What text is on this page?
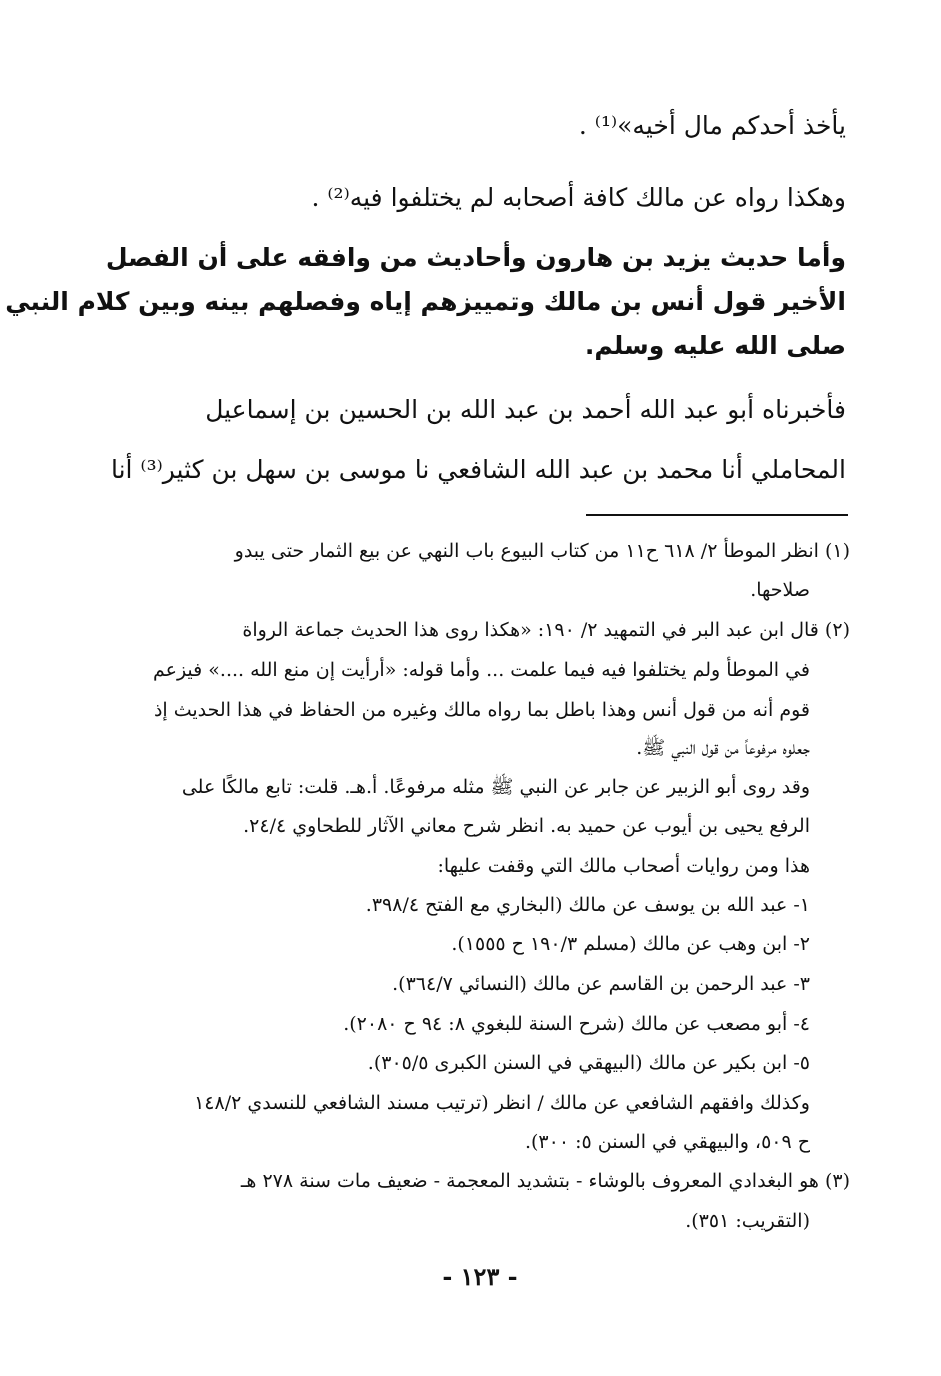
يأخذ أحدكم مال أخيه»⁽¹⁾ .
وهكذا رواه عن مالك كافة أصحابه لم يختلفوا فيه⁽²⁾ .
وأما حديث يزيد بن هارون وأحاديث من وافقه على أن الفصل
الأخير قول أنس بن مالك وتمييزهم إياه وفصلهم بينه وبين كلام النبي
صلى الله عليه وسلم.
فأخبرناه أبو عبد الله أحمد بن عبد الله بن الحسين بن إسماعيل
المحاملي أنا محمد بن عبد الله الشافعي نا موسى بن سهل بن كثير⁽³⁾ أنا
(١) انظر الموطأ ٢/ ٦١٨ ح١١ من كتاب البيوع باب النهي عن بيع الثمار حتى يبدو
صلاحها.
(٢) قال ابن عبد البر في التمهيد ٢/ ١٩٠: «هكذا روى هذا الحديث جماعة الرواة
في الموطأ ولم يختلفوا فيه فيما علمت ... وأما قوله: «أرأيت إن منع الله ....» فيزعم
قوم أنه من قول أنس وهذا باطل بما رواه مالك وغيره من الحفاظ في هذا الحديث إذ
جعلوه مرفوعاً من قول النبي ﷺ.
وقد روى أبو الزبير عن جابر عن النبي ﷺ مثله مرفوعًا. أ.هـ. قلت: تابع مالكًا على
الرفع يحيى بن أيوب عن حميد به. انظر شرح معاني الآثار للطحاوي ٢٤/٤.
هذا ومن روايات أصحاب مالك التي وقفت عليها:
١- عبد الله بن يوسف عن مالك (البخاري مع الفتح ٣٩٨/٤.
٢- ابن وهب عن مالك (مسلم ١٩٠/٣ ح ١٥٥٥).
٣- عبد الرحمن بن القاسم عن مالك (النسائي ٣٦٤/٧).
٤- أبو مصعب عن مالك (شرح السنة للبغوي ٨: ٩٤ ح ٢٠٨٠).
٥- ابن بكير عن مالك (البيهقي في السنن الكبرى ٣٠٥/٥).
وكذلك وافقهم الشافعي عن مالك / انظر (ترتيب مسند الشافعي للنسدي ١٤٨/٢
ح ٥٠٩، والبيهقي في السنن ٥: ٣٠٠).
(٣) هو البغدادي المعروف بالوشاء - بتشديد المعجمة - ضعيف مات سنة ٢٧٨ هـ
(التقريب: ٣٥١).
- ١٢٣ -
